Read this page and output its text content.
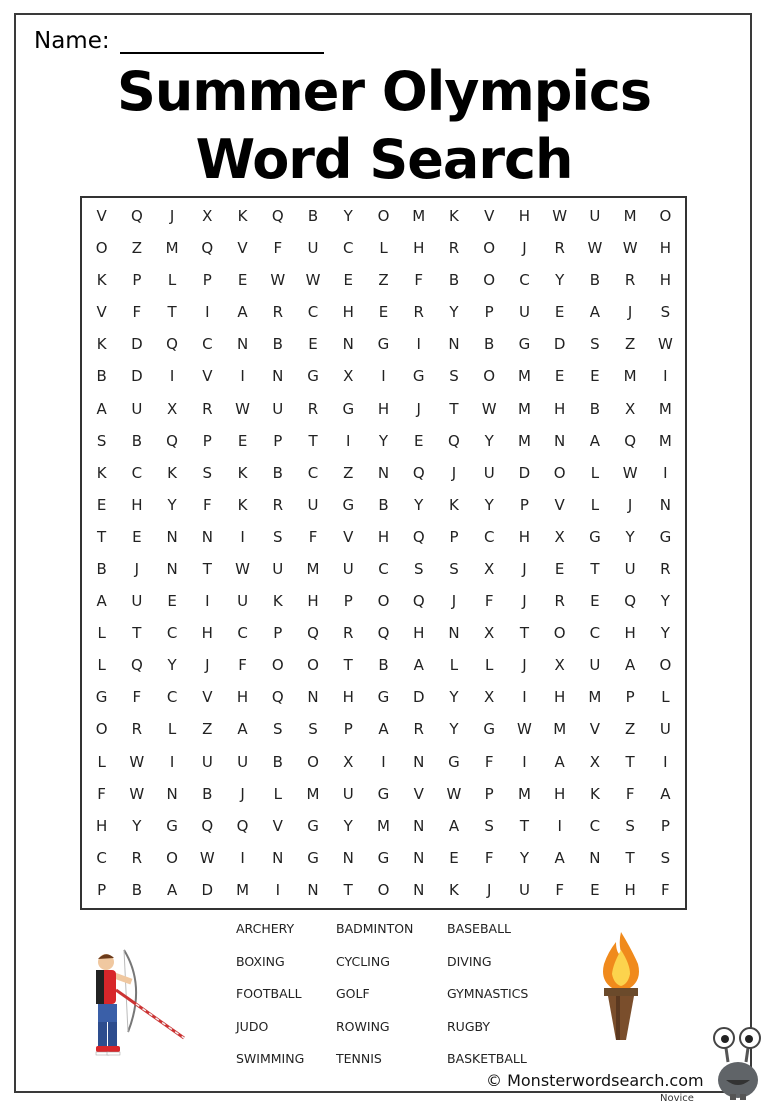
Name:
Summer Olympics
Word Search
V	Q	J	X	K	Q	B	Y	O	M	K	V	H	W	U	M	O
O	Z	M	Q	V	F	U	C	L	H	R	O	J	R	W	W	H
K	P	L	P	E	W	W	E	Z	F	B	O	C	Y	B	R	H
V	F	T	I	A	R	C	H	E	R	Y	P	U	E	A	J	S
K	D	Q	C	N	B	E	N	G	I	N	B	G	D	S	Z	W
B	D	I	V	I	N	G	X	I	G	S	O	M	E	E	M	I
A	U	X	R	W	U	R	G	H	J	T	W	M	H	B	X	M
S	B	Q	P	E	P	T	I	Y	E	Q	Y	M	N	A	Q	M
K	C	K	S	K	B	C	Z	N	Q	J	U	D	O	L	W	I
E	H	Y	F	K	R	U	G	B	Y	K	Y	P	V	L	J	N
T	E	N	N	I	S	F	V	H	Q	P	C	H	X	G	Y	G
B	J	N	T	W	U	M	U	C	S	S	X	J	E	T	U	R
A	U	E	I	U	K	H	P	O	Q	J	F	J	R	E	Q	Y
L	T	C	H	C	P	Q	R	Q	H	N	X	T	O	C	H	Y
L	Q	Y	J	F	O	O	T	B	A	L	L	J	X	U	A	O
G	F	C	V	H	Q	N	H	G	D	Y	X	I	H	M	P	L
O	R	L	Z	A	S	S	P	A	R	Y	G	W	M	V	Z	U
L	W	I	U	U	B	O	X	I	N	G	F	I	A	X	T	I
F	W	N	B	J	L	M	U	G	V	W	P	M	H	K	F	A
H	Y	G	Q	Q	V	G	Y	M	N	A	S	T	I	C	S	P
C	R	O	W	I	N	G	N	G	N	E	F	Y	A	N	T	S
P	B	A	D	M	I	N	T	O	N	K	J	U	F	E	H	F
ARCHERY	BADMINTON	BASEBALL
BOXING	CYCLING	DIVING
FOOTBALL	GOLF	GYMNASTICS
JUDO	ROWING	RUGBY
SWIMMING	TENNIS	BASKETBALL
© Monsterwordsearch.com
Novice
